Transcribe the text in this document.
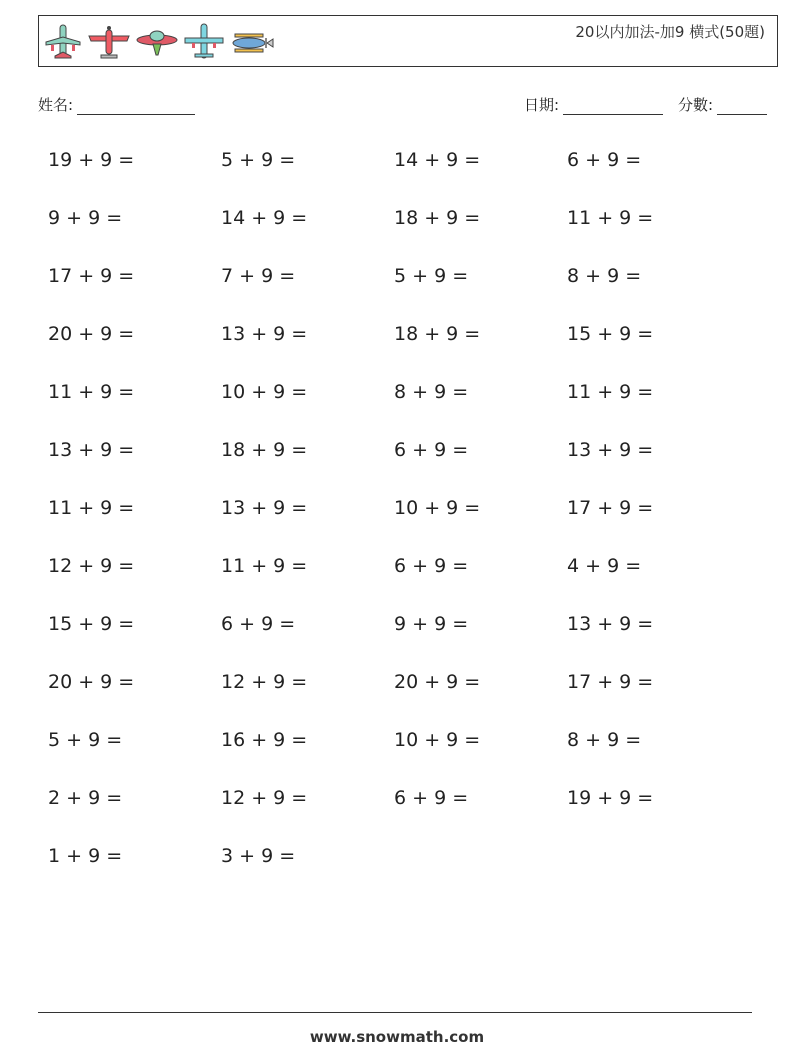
20以内加法-加9 横式(50題)
姓名:	日期:	分數:
19 + 9 =	5 + 9 =	14 + 9 =	6 + 9 =
9 + 9 =	14 + 9 =	18 + 9 =	11 + 9 =
17 + 9 =	7 + 9 =	5 + 9 =	8 + 9 =
20 + 9 =	13 + 9 =	18 + 9 =	15 + 9 =
11 + 9 =	10 + 9 =	8 + 9 =	11 + 9 =
13 + 9 =	18 + 9 =	6 + 9 =	13 + 9 =
11 + 9 =	13 + 9 =	10 + 9 =	17 + 9 =
12 + 9 =	11 + 9 =	6 + 9 =	4 + 9 =
15 + 9 =	6 + 9 =	9 + 9 =	13 + 9 =
20 + 9 =	12 + 9 =	20 + 9 =	17 + 9 =
5 + 9 =	16 + 9 =	10 + 9 =	8 + 9 =
2 + 9 =	12 + 9 =	6 + 9 =	19 + 9 =
1 + 9 =	3 + 9 =
www.snowmath.com
